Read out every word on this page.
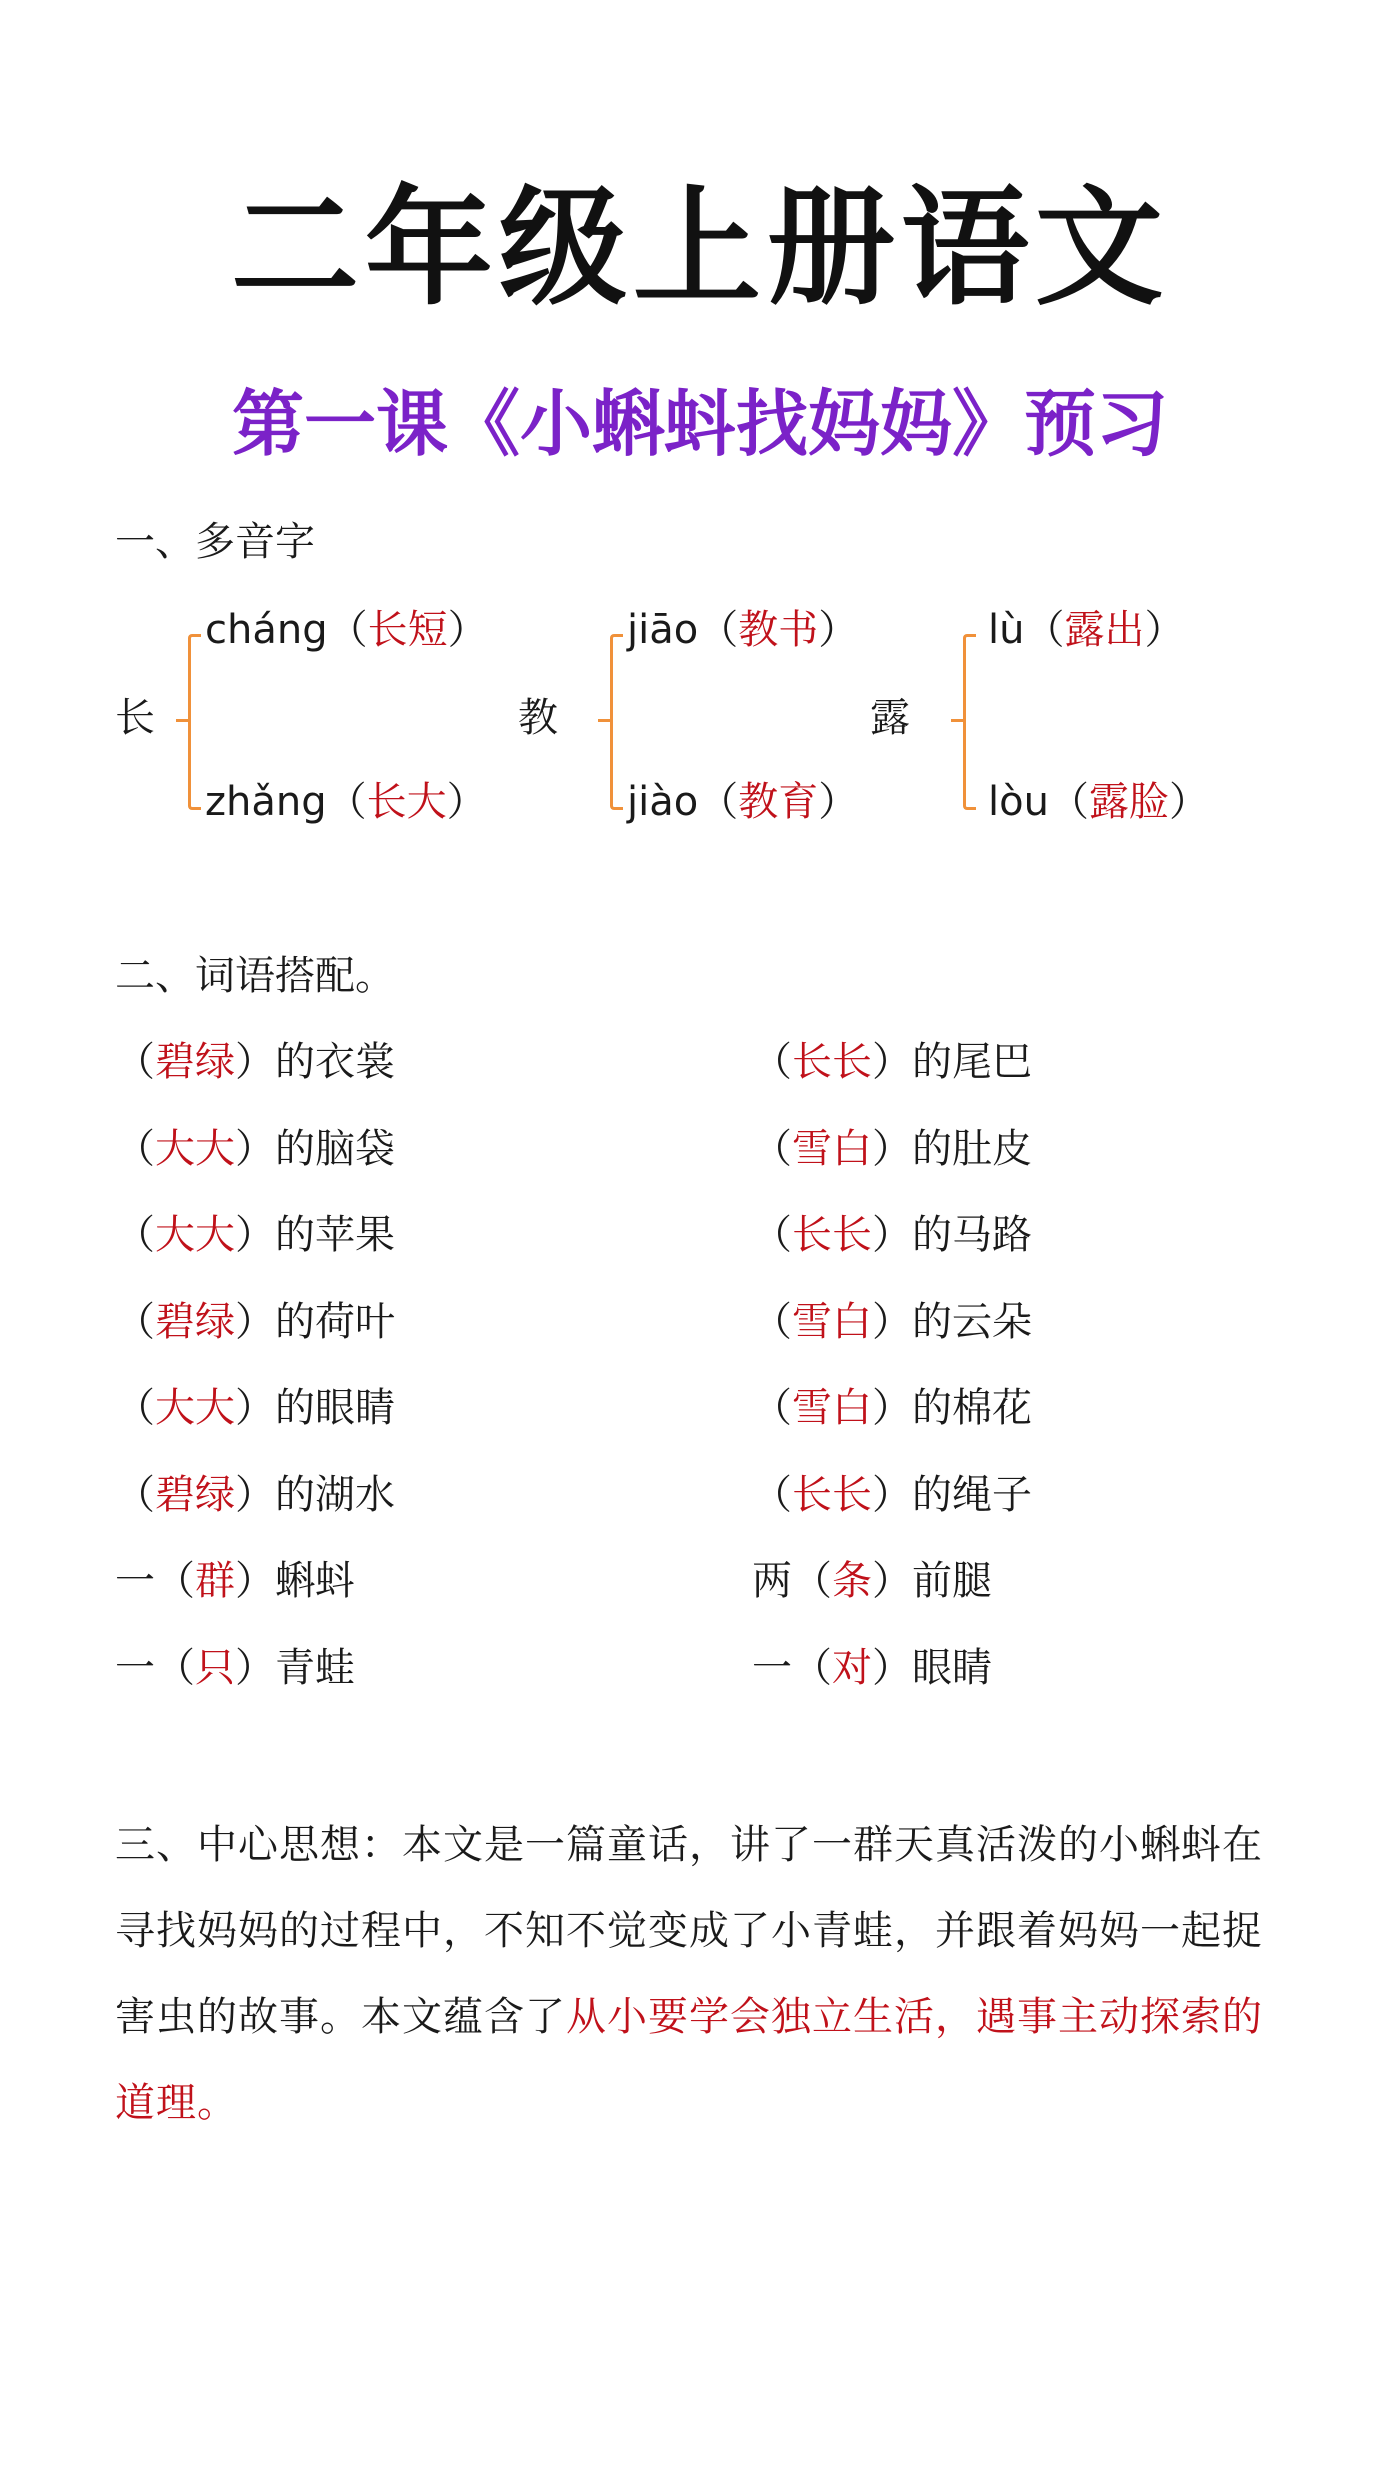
二年级上册语文
第一课《小蝌蚪找妈妈》预习
一、多音字
长
cháng（长短）
zhǎng（长大）
教
jiāo（教书）
jiào（教育）
露
lù（露出）
lòu（露脸）
二、词语搭配。
（碧绿）的衣裳
（大大）的脑袋
（大大）的苹果
（碧绿）的荷叶
（大大）的眼睛
（碧绿）的湖水
一（群）蝌蚪
一（只）青蛙
（长长）的尾巴
（雪白）的肚皮
（长长）的马路
（雪白）的云朵
（雪白）的棉花
（长长）的绳子
两（条）前腿
一（对）眼睛
三、中心思想：本文是一篇童话，讲了一群天真活泼的小蝌蚪在寻找妈妈的过程中，不知不觉变成了小青蛙，并跟着妈妈一起捉害虫的故事。本文蕴含了从小要学会独立生活，遇事主动探索的道理。
